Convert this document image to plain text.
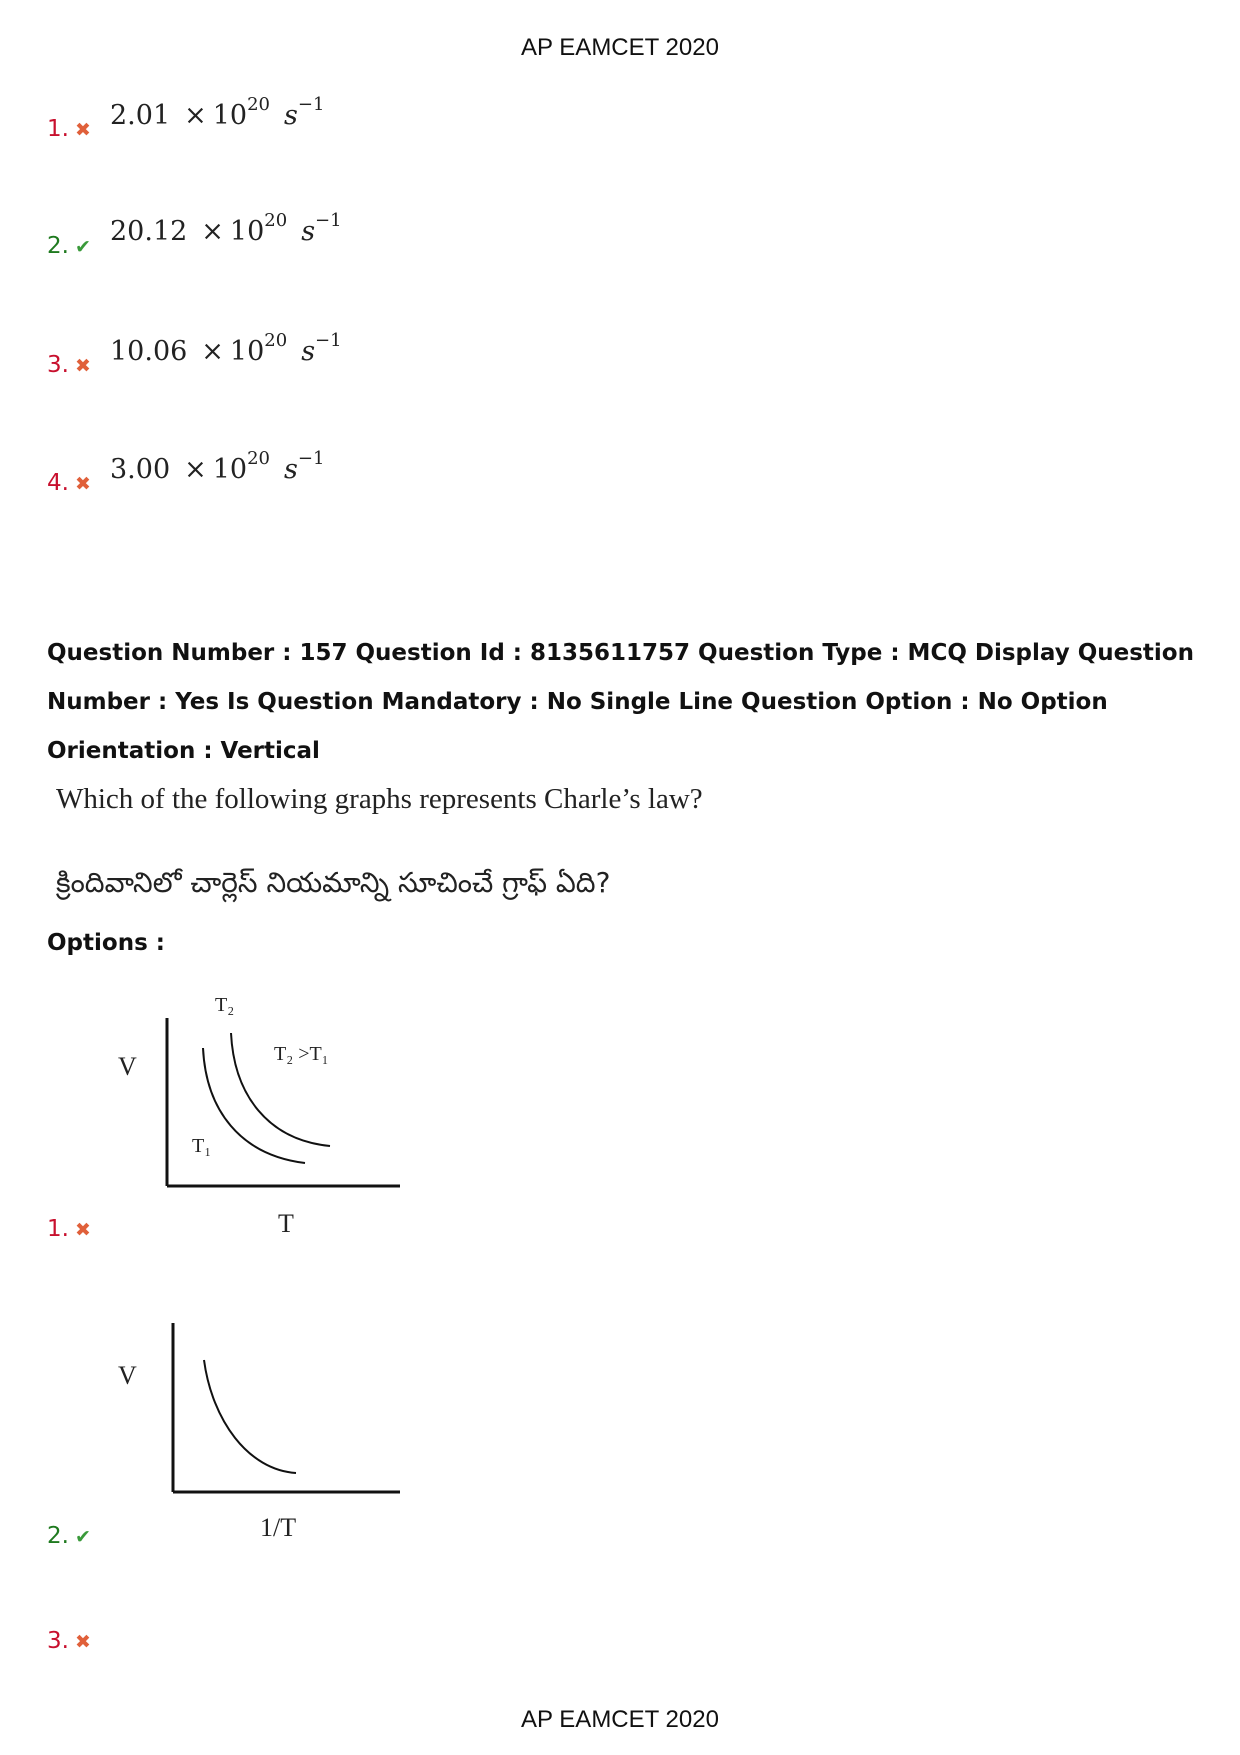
AP EAMCET 2020
1. ✖ $2.01 \times 10^{20}$ $s^{-1}$
2. ✔ $20.12 \times 10^{20}$ $s^{-1}$
3. ✖ $10.06 \times 10^{20}$ $s^{-1}$
4. ✖ $3.00 \times 10^{20}$ $s^{-1}$
Question Number : 157 Question Id : 8135611757 Question Type : MCQ Display Question Number : Yes Is Question Mandatory : No Single Line Question Option : No Option Orientation : Vertical
Which of the following graphs represents Charle’s law?
క్రిందివానిలో చార్లెస్ నియమాన్ని సూచించే గ్రాఫ్ ఏది?
Options :
V
T
T₂
T₁
T₂ >T₁
V
1/T
1. ✖
2. ✔
3. ✖
AP EAMCET 2020
